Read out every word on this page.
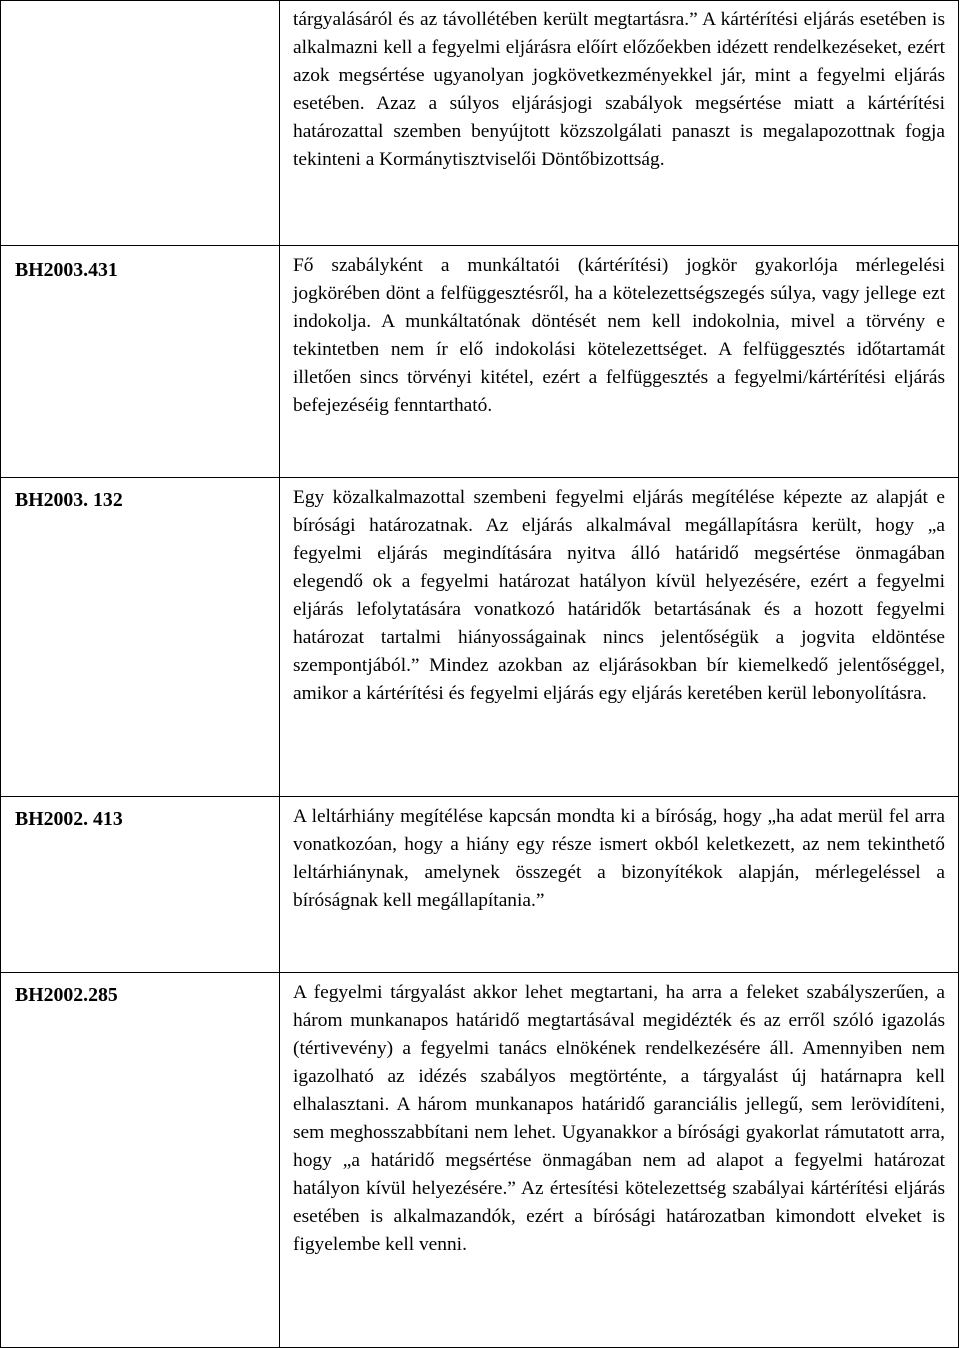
	tárgyalásáról és az távollétében került megtartásra.” A kártérítési eljárás esetében is alkalmazni kell a fegyelmi eljárásra előírt előzőekben idézett rendelkezéseket, ezért azok megsértése ugyanolyan jogkövetkezményekkel jár, mint a fegyelmi eljárás esetében. Azaz a súlyos eljárásjogi szabályok megsértése miatt a kártérítési határozattal szemben benyújtott közszolgálati panaszt is megalapozottnak fogja tekinteni a Kormánytisztviselői Döntőbizottság.

BH2003.431	Fő szabályként a munkáltatói (kártérítési) jogkör gyakorlója mérlegelési jogkörében dönt a felfüggesztésről, ha a kötelezettségszegés súlya, vagy jellege ezt indokolja. A munkáltatónak döntését nem kell indokolnia, mivel a törvény e tekintetben nem ír elő indokolási kötelezettséget. A felfüggesztés időtartamát illetően sincs törvényi kitétel, ezért a felfüggesztés a fegyelmi/kártérítési eljárás befejezéséig fenntartható.

BH2003. 132	Egy közalkalmazottal szembeni fegyelmi eljárás megítélése képezte az alapját e bírósági határozatnak. Az eljárás alkalmával megállapításra került, hogy „a fegyelmi eljárás megindítására nyitva álló határidő megsértése önmagában elegendő ok a fegyelmi határozat hatályon kívül helyezésére, ezért a fegyelmi eljárás lefolytatására vonatkozó határidők betartásának és a hozott fegyelmi határozat tartalmi hiányosságainak nincs jelentőségük a jogvita eldöntése szempontjából.” Mindez azokban az eljárásokban bír kiemelkedő jelentőséggel, amikor a kártérítési és fegyelmi eljárás egy eljárás keretében kerül lebonyolításra.

BH2002. 413	A leltárhiány megítélése kapcsán mondta ki a bíróság, hogy „ha adat merül fel arra vonatkozóan, hogy a hiány egy része ismert okból keletkezett, az nem tekinthető leltárhiánynak, amelynek összegét a bizonyítékok alapján, mérlegeléssel a bíróságnak kell megállapítania.”

BH2002.285	A fegyelmi tárgyalást akkor lehet megtartani, ha arra a feleket szabályszerűen, a három munkanapos határidő megtartásával megidézték és az erről szóló igazolás (tértivevény) a fegyelmi tanács elnökének rendelkezésére áll. Amennyiben nem igazolható az idézés szabályos megtörténte, a tárgyalást új határnapra kell elhalasztani. A három munkanapos határidő garanciális jellegű, sem lerövidíteni, sem meghosszabbítani nem lehet. Ugyanakkor a bírósági gyakorlat rámutatott arra, hogy „a határidő megsértése önmagában nem ad alapot a fegyelmi határozat hatályon kívül helyezésére.” Az értesítési kötelezettség szabályai kártérítési eljárás esetében is alkalmazandók, ezért a bírósági határozatban kimondott elveket is figyelembe kell venni.
